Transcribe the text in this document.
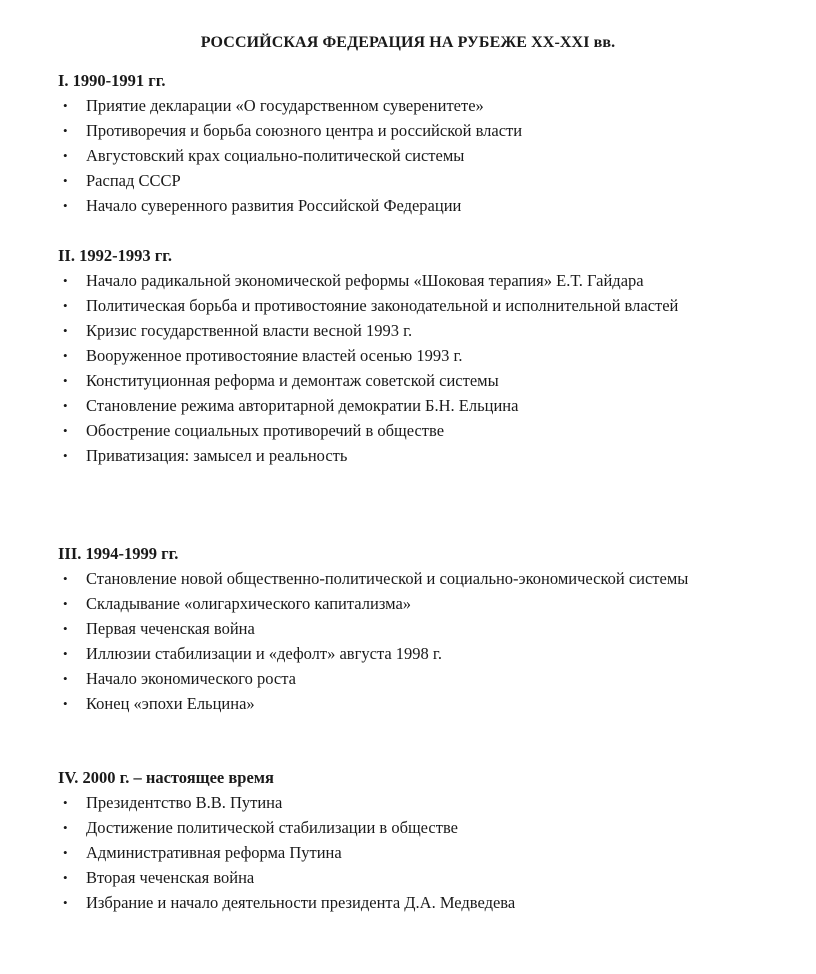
РОССИЙСКАЯ ФЕДЕРАЦИЯ НА РУБЕЖЕ XX-XXI вв.
I. 1990-1991 гг.
• Приятие декларации «О государственном суверенитете»
• Противоречия и борьба союзного центра и российской власти
• Августовский крах социально-политической системы
• Распад СССР
• Начало суверенного развития Российской Федерации
II. 1992-1993 гг.
• Начало радикальной экономической реформы «Шоковая терапия» Е.Т. Гайдара
• Политическая борьба и противостояние законодательной и исполнительной властей
• Кризис государственной власти весной 1993 г.
• Вооруженное противостояние властей осенью 1993 г.
• Конституционная реформа и демонтаж советской системы
• Становление режима авторитарной демократии Б.Н. Ельцина
• Обострение социальных противоречий в обществе
• Приватизация: замысел и реальность
III. 1994-1999 гг.
• Становление новой общественно-политической и социально-экономической системы
• Складывание «олигархического капитализма»
• Первая чеченская война
• Иллюзии стабилизации и «дефолт» августа 1998 г.
• Начало экономического роста
• Конец «эпохи Ельцина»
IV. 2000 г. – настоящее время
• Президентство В.В. Путина
• Достижение политической стабилизации в обществе
• Административная реформа Путина
• Вторая чеченская война
• Избрание и начало деятельности президента Д.А. Медведева
